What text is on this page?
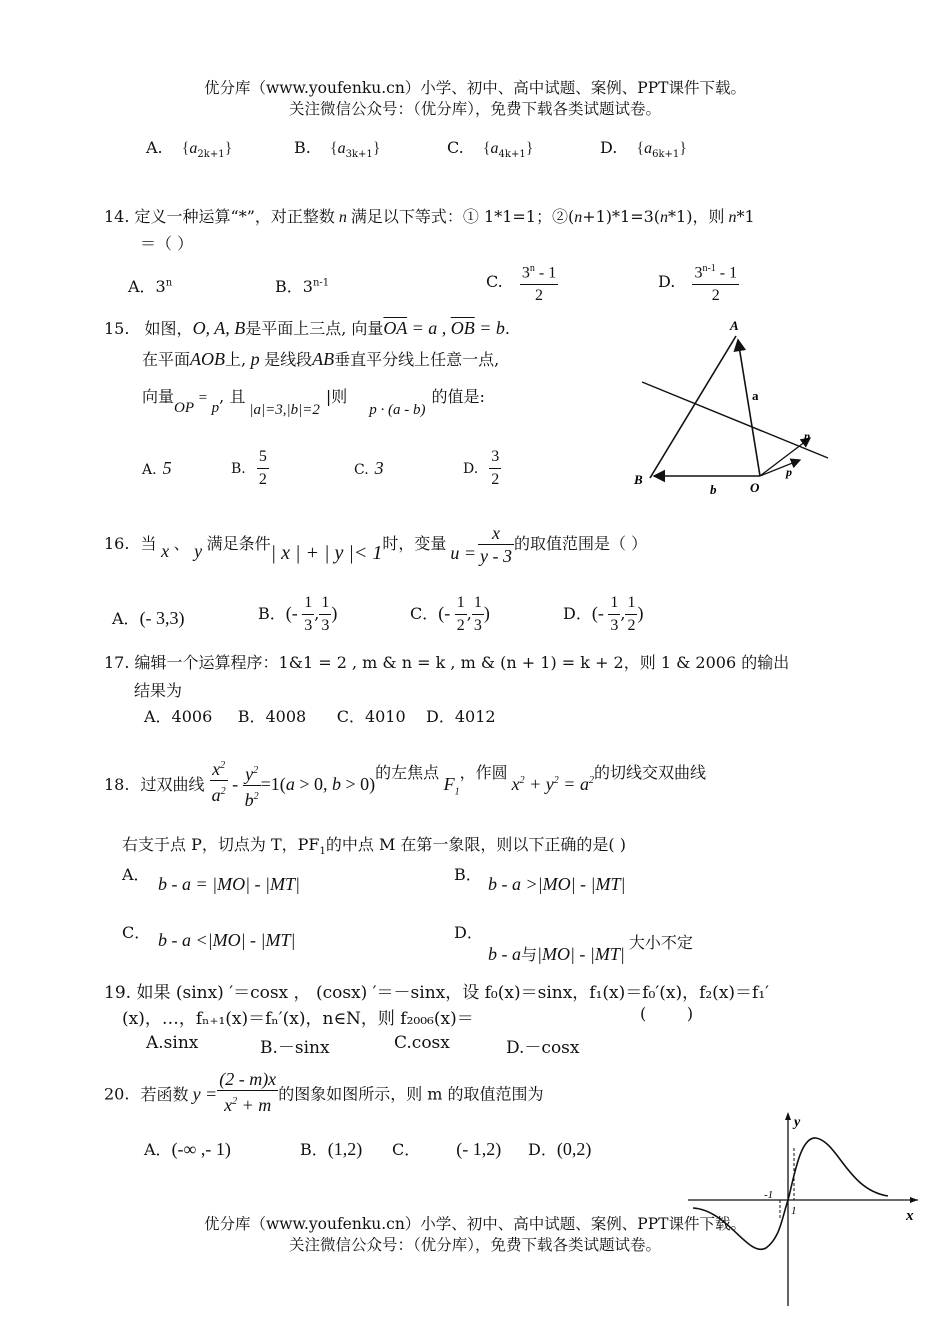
优分库（www.youfenku.cn）小学、初中、高中试题、案例、PPT课件下载。
关注微信公众号：（优分库），免费下载各类试题试卷。
A. $\{a_{2k+1}\}$	B. $\{a_{3k+1}\}$	C. $\{a_{4k+1}\}$	D. $\{a_{6k+1}\}$
14. 定义一种运算“*”，对正整数 n 满足以下等式：① 1*1=1；②(n+1)*1=3(n*1)，则 n*1
＝（ ）
A．3$^n$	B．3$^{n-1}$	C. $\frac{3^n - 1}{2}$	D. $\frac{3^{n-1} - 1}{2}$
15. 如图，O, A, B是平面上三点, 向量$\overline{OA} = a$ , $\overline{OB} = b$.
在平面AOB上, p 是线段AB垂直平分线上任意一点,
向量OP = p, 且|a|=3,|b|=2|则p · (a - b)的值是:
A. 5	B. $\frac{5}{2}$	C. 3	D. $\frac{3}{2}$
A
B
O
a
b
p
p
16. 当 x 、 y 满足条件| x | + | y |< 1时，变量 $u = \frac{x}{y - 3}$ 的取值范围是（ ）
A．(- 3,3)	B．(- $\frac{1}{3}$ , $\frac{1}{3}$ )	C．(- $\frac{1}{2}$ , $\frac{1}{3}$ )	D．(- $\frac{1}{3}$ , $\frac{1}{2}$ )
17. 编辑一个运算程序：1&1 = 2 , m & n = k , m & (n + 1) = k + 2，则 1 & 2006 的输出
结果为
A．4006     B．4008      C．4010    D．4012
18. 过双曲线 $\frac{x^2}{a^2} - \frac{y^2}{b^2} =1(a > 0$, b > 0)的左焦点 $F_1$，作圆$x^2 + y^2 = a^2$的切线交双曲线
右支于点 P，切点为 T，$PF_1$的中点 M 在第一象限，则以下正确的是( )
A． b - a = |MO| - |MT|	B． b - a >|MO| - |MT|
C． b - a <|MO| - |MT|	D．
b - a与|MO| - |MT|大小不定
19. 如果 (sinx) ′＝cosx ， (cosx) ′＝－sinx，设 f₀(x)＝sinx，f₁(x)＝f₀′(x)，f₂(x)＝f₁′
(x)，…，fₙ₊₁(x)＝fₙ′(x)，n∈N，则 f₂₀₀₆(x)＝	(        )
A.sinx	B.－sinx	C.cosx	D.－cosx
20. 若函数 $y = \frac{(2 - m)x}{x^2 + m}$ 的图象如图所示，则 m 的取值范围为
A．(-∞ ,- 1)	B．(1,2) C． (- 1,2) D．(0,2)
y
x
-1
1
优分库（www.youfenku.cn）小学、初中、高中试题、案例、PPT课件下载。
关注微信公众号：（优分库），免费下载各类试题试卷。
